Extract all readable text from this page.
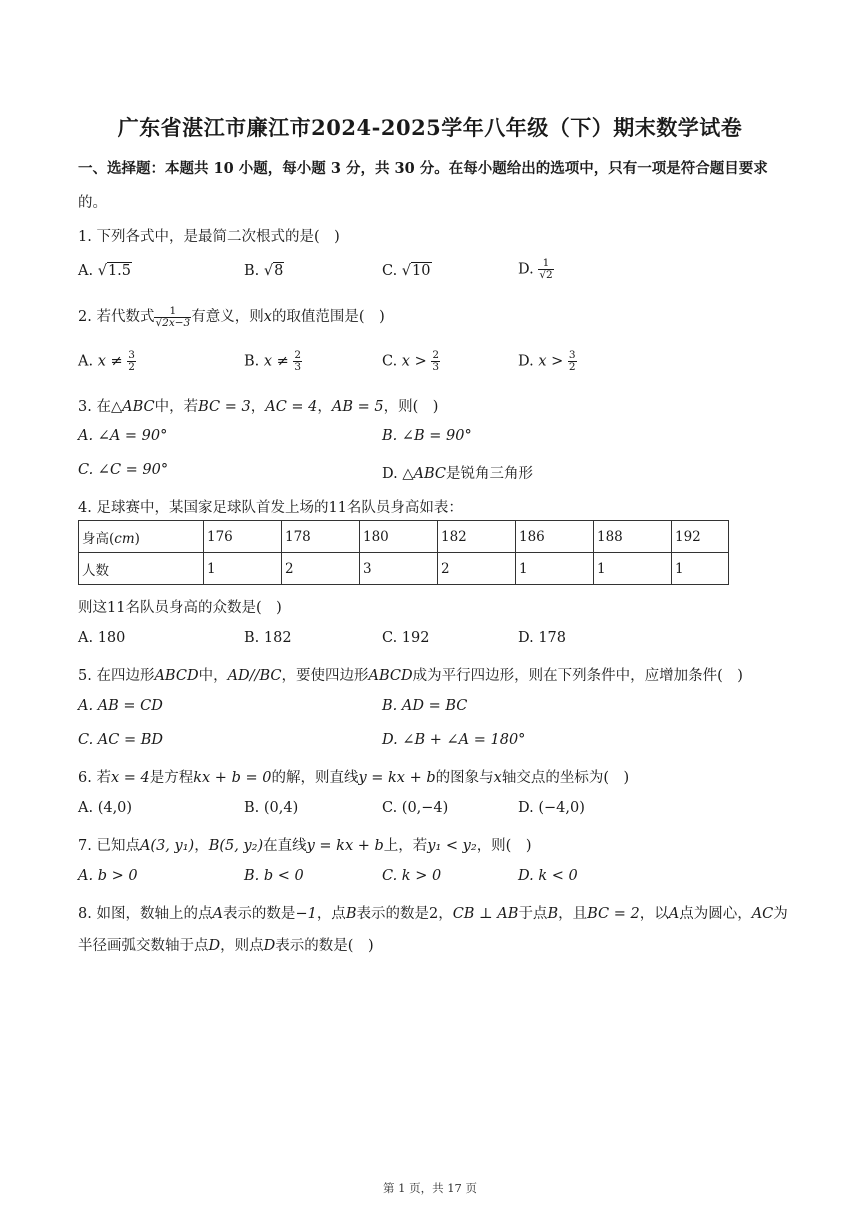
广东省湛江市廉江市2024-2025学年八年级（下）期末数学试卷
一、选择题：本题共 10 小题，每小题 3 分，共 30 分。在每小题给出的选项中，只有一项是符合题目要求
的。
1. 下列各式中，是最简二次根式的是(　)
A. √1.5	B. √8	C. √10	D. $\frac{1}{√2}$
2. 若代数式 $\frac{1}{√2x-3}$ 有意义，则x的取值范围是(　)
A. $x \ne \frac{3}{2}$	B. $x \ne \frac{2}{3}$	C. $x > \frac{2}{3}$	D. $x > \frac{3}{2}$
3. 在△ABC中，若BC = 3，AC = 4，AB = 5，则(　)
A. ∠A = 90°	B. ∠B = 90°
C. ∠C = 90°	D. △ABC是锐角三角形
4. 足球赛中，某国家足球队首发上场的11名队员身高如表：
身高(cm)	176	178	180	182	186	188	192
人数	1	2	3	2	1	1	1
则这11名队员身高的众数是(　)
A. 180	B. 182	C. 192	D. 178
5. 在四边形ABCD中，AD//BC，要使四边形ABCD成为平行四边形，则在下列条件中，应增加条件(　)
A. AB = CD	B. AD = BC
C. AC = BD	D. ∠B + ∠A = 180°
6. 若x = 4是方程kx + b = 0的解，则直线y = kx + b的图象与x轴交点的坐标为(　)
A. (4,0)	B. (0,4)	C. (0,−4)	D. (−4,0)
7. 已知点A(3, y₁)，B(5, y₂)在直线y = kx + b上，若y₁ < y₂，则(　)
A. b > 0	B. b < 0	C. k > 0	D. k < 0
8. 如图，数轴上的点A表示的数是−1，点B表示的数是2，CB ⊥ AB于点B，且BC = 2，以A点为圆心，AC为
半径画弧交数轴于点D，则点D表示的数是(　)
第 1 页，共 17 页
